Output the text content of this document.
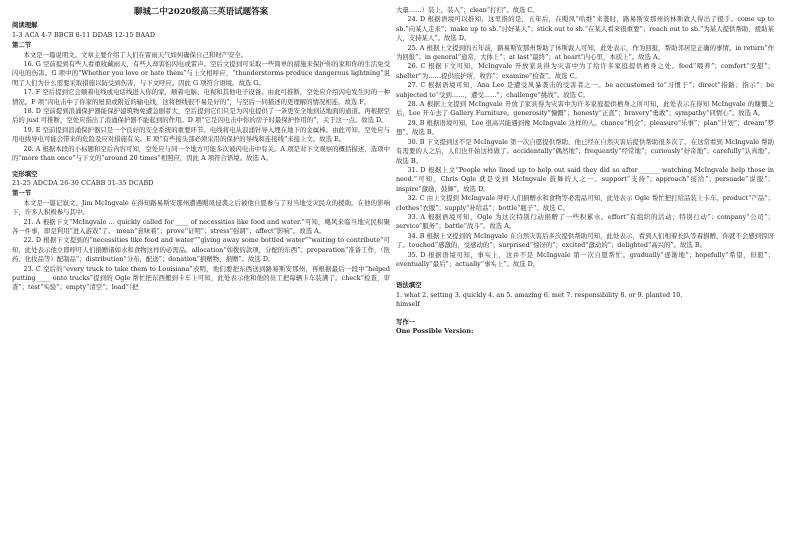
聊城二中2020级高三英语试题答案
阅读理解
1-3 ACA 4-7 BBCB 8-11 DDAB 12-15 BAAD
第二节
本文是一篇说明文。文章主要介绍了人们在雷雨天气如何确保自己和财产安全。
16. G 空前提到有些人看重收藏雨天，有些人却害怕闪电或雷声。空后文提到可采取一些简单的措施来保护你的家和你的生活免受闪电的伤害。G 项中的“Whether you love or hate them”与上文相呼应，“thunderstorms produce dangerous lightning”说明了人们为什么需要采取措施以防受到伤害，与下文呼应。因此 G 项符合语境。故选 G。
17. F 空后提到它会顺着电线或电话线进入你的家，顺着电脑、电视和其他电子设备。由此可推断，空处应介绍闪电发生时的一种情况。F 项“闪电击中了你家的屋顶或附近的输电线，这将擦线很不易是好的”，与空后一同描述的更理解的情况相连。故选 F。
18. D 空前提到浪涌保护器能保护建筑物免遭急剧者大，空后提到它们只是为闪电提供了一条更安全地到达地面的通道。再根据空后的 just 可推断，空处应指出了浪涌保护器不能起到的作用。D 项“它是闪电击中你的房子时最保护作用的”，关于这一点。故选 D。
19. E 空前提到浪涌保护器只是一个良好的安全系统的重要环节。电线将电从浪涌针导入埋在地下的金属棒。由此可知，空处应与用电线导电可能会带来的危险及应对措施有关。E 项“有些接头部必须采用的保护的导线和连接线”来接上文。故选 E。
20. A 根据本段的小标题和空后内容可知，空处应与同一个地方可能多次被闪电击中有关。A 项是对下文观察的概括描述，选项中的“more than once”与下文的“around 20 times”相照应，因此 A 项符合语境。故选 A。
完形填空
21-25 ADCDA 26-30 CCABB 31-35 DCABD
第一节
本文是一篇记叙文。Jim McIngvale 在得知路易斯安那州遭遇飓风侵袭之后被他自愿参与了对当地受灾民众的援助。在他的影响下，许多人积极参与其中。
21. A 根据下文“McIngvale … quickly called for ____ of necessities like food and water.”可知，飓风来临当地灾民积聚各一件事，即是利用“进入游戏”了。 mean“意味着”；prove“证明”；stress“强调”；affect“影响”。故选 A。
22. D 根据下文提到的“necessities like food and water”“giving away some bottled water”“waiting to contribute”可知，此处表示他立即呼吁人们捐赠诸如水和食物这样的必需品。allocation“如拨的款项，分配的东西”；preparation“准备工作，（医药、化妆品等）配制品”；distribution“分布，配送”；donation“捐赠物，捐赠”。故选 D。
23. C 空后的“every truck to take them to Louisiana”表明，他们要把东西送到路易斯安那州，再根据最后一段中“helped putting ____ onto trucks”提到的 Ogle 帮忙把东西搬到卡车上可知，此处表示他和他的员工把每辆卡车装满了。check“检查，审查”；test“实验”；empty“清空”；load“（把
大量……）装上，装入”；clean“打扫”。故选 C。
24. D 根据语境可以推知，这里指的是，五年后，在飓风“哈维”来袭时，路易斯安那州的林斯敦人得出了援手。come up to sb.“向某人走来”；make up to sb.“讨好某人”；stick out to sb.“在某人看来很重要”；reach out to sb.“为某人提供帮助，援助某人，支持某人”。故选 D。
25. A 根据上文提到的五年前，路易斯安那州帮助了休斯敦人可知，此处表示，作为回报，帮助邻居是正确的事情。in return“作为回报”；in general“通常，大体上”；at last“最终”；at heart“内心里，本质上”。故选 A。
26. C 根据下文可知，McIngvale 开放家具得为灾害中为了给许多家庭提供栖身之处。feed“喂养”；comfort“安慰”；shelter“为……提供庇护所，收容”；examine“检查”。故选 C。
27. C 根据语境可知，Ana Lee 是遭受风暴袭击的受害者之一。be accustomed to“习惯于”；direct“指路；指示”；be subjected to“受到……，遭受……”；challenge“挑战”。故选 C。
28. A 根据上文提到 McIngvale 开放了家具得为灾害中为许多家庭提供栖身之所可知，此处表示在得知 McIngvale 的慷慨之后，Lee 开车去了 Gallery Furniture。generosity“慷慨”；honesty“正直”；bravery“勇敢”；sympathy“同情心”。故选 A。
29. B 根据语境可知，Lee 很高兴能遇到像 McIngvale 这样的人。chance“机会”；pleasure“乐事”；plan“计划”；dream“梦想”。故选 B。
30. B 下文提到这不是 McIngvale 第一次自愿提供帮助，他已经在自然灾害后提供帮助很多次了。在这常看到 McIngvale 帮助有需要的人之后，人们也开始这样做了。accidentally“偶然地”；frequently“经常地”；curiously“好奇地”；carefully“认真地”。故选 B。
31. D 根据上文“People who lined up to help out said they did so after ______ watching McIngvale help those in need.”可知，Chris Ogle 就是受到 McIngvale 鼓舞的人之一。support“支持”；approach“接洽”；persuade“说服”；inspire“激励，鼓舞”。故选 D。
32. C 由上文提到 McIngvale 呼吁人们捐赠水和食物等必需品可知，此处表示 Ogle 帮忙把打给品装上卡车。product“产品”；clothes“衣服”；supply“补给品”；bottle“瓶子”。故选 C。
33. A 根据语境可知，Ogle 为这次特别行动捐赠了一些积累水。effort“有组织的活动；特别行动”；company“公司”；service“服务”；battle“战斗”。故选 A。
34. B 根据上文提到的 McIngvale 在自然灾害后多次提供帮助可知，此处表示，看到人们相着长队等着捐赠，你就不会感到惊讶了。touched“感激的，受感动的”；surprised“惊讶的”；excited“激动的”；delighted“高兴的”。故选 B。
35. D 根据语境可知，事实上，这并不是 McIngvale 第一次自愿帮忙。gradually“逐渐地”；hopefully“希望，但愿”；eventually“最后”；actually“事实上”。故选 D。
语法填空
1. what 2. setting 3. quickly 4. an 5. amazing 6. met 7. responsibility 8. or 9. planted 10.
himself
写作一
One Possible Version:
